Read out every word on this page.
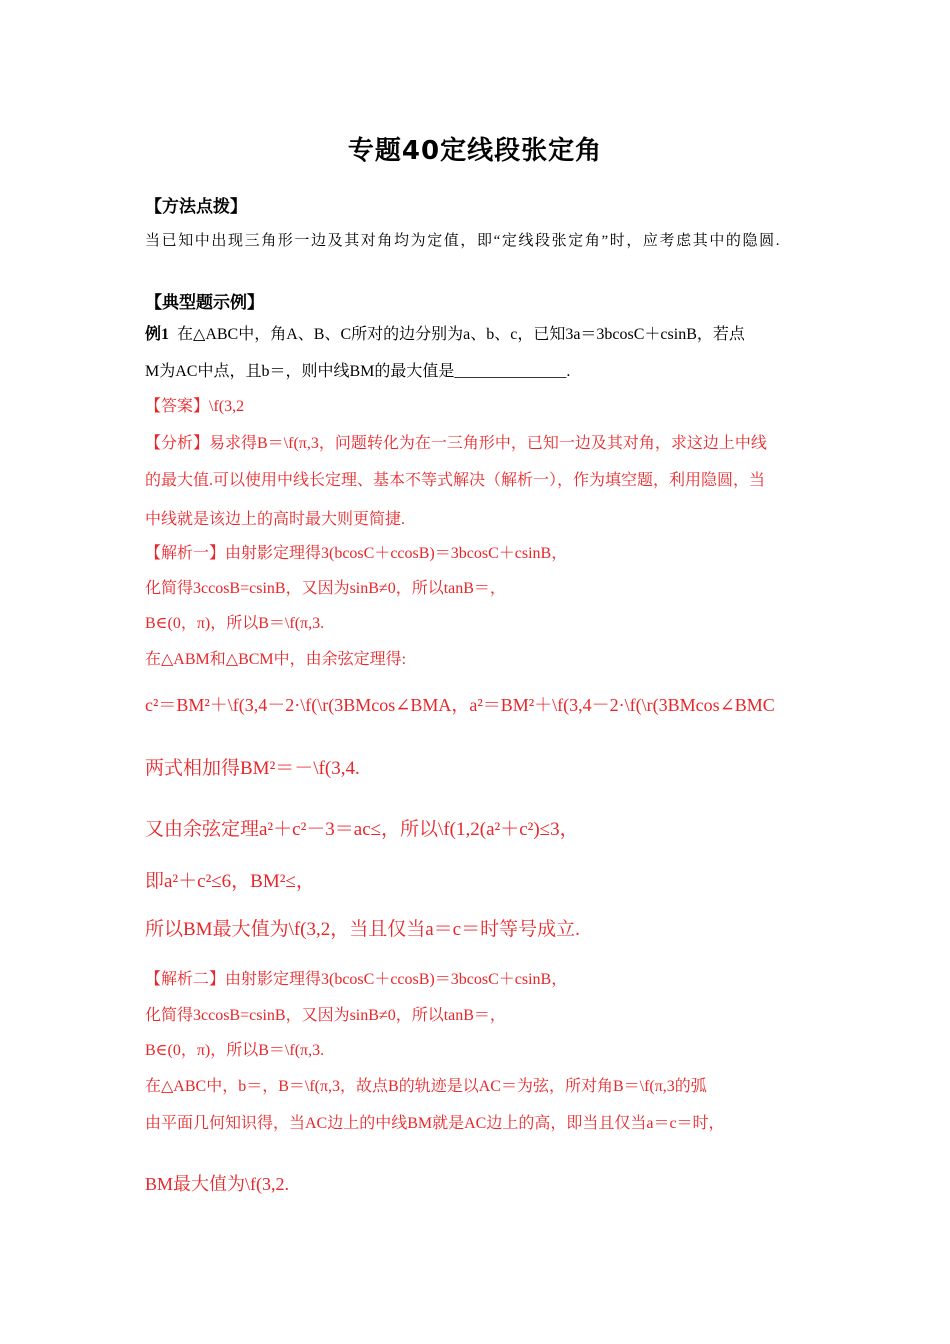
专题40定线段张定角
【方法点拨】
当已知中出现三角形一边及其对角均为定值，即“定线段张定角”时，应考虑其中的隐圆.
【典型题示例】
例1 在△ABC中，角A、B、C所对的边分别为a、b、c，已知3a＝3bcosC＋csinB，若点
M为AC中点，且b＝，则中线BM的最大值是______________.
【答案】\f(3,2
【分析】易求得B＝\f(π,3，问题转化为在一三角形中，已知一边及其对角，求这边上中线
的最大值.可以使用中线长定理、基本不等式解决（解析一），作为填空题，利用隐圆，当
中线就是该边上的高时最大则更简捷.
【解析一】由射影定理得3(bcosC＋ccosB)＝3bcosC＋csinB，
化简得3ccosB=csinB，又因为sinB≠0，所以tanB＝，
B∈(0，π)，所以B＝\f(π,3.
在△ABM和△BCM中，由余弦定理得:
c²＝BM²＋\f(3,4－2·\f(\r(3BMcos∠BMA，a²＝BM²＋\f(3,4－2·\f(\r(3BMcos∠BMC
两式相加得BM²＝－\f(3,4.
又由余弦定理a²＋c²－3＝ac≤，所以\f(1,2(a²＋c²)≤3，
即a²＋c²≤6，BM²≤，
所以BM最大值为\f(3,2，当且仅当a＝c＝时等号成立.
【解析二】由射影定理得3(bcosC＋ccosB)＝3bcosC＋csinB，
化简得3ccosB=csinB，又因为sinB≠0，所以tanB＝，
B∈(0，π)，所以B＝\f(π,3.
在△ABC中，b＝，B＝\f(π,3，故点B的轨迹是以AC＝为弦，所对角B＝\f(π,3的弧
由平面几何知识得，当AC边上的中线BM就是AC边上的高，即当且仅当a＝c＝时，
BM最大值为\f(3,2.
